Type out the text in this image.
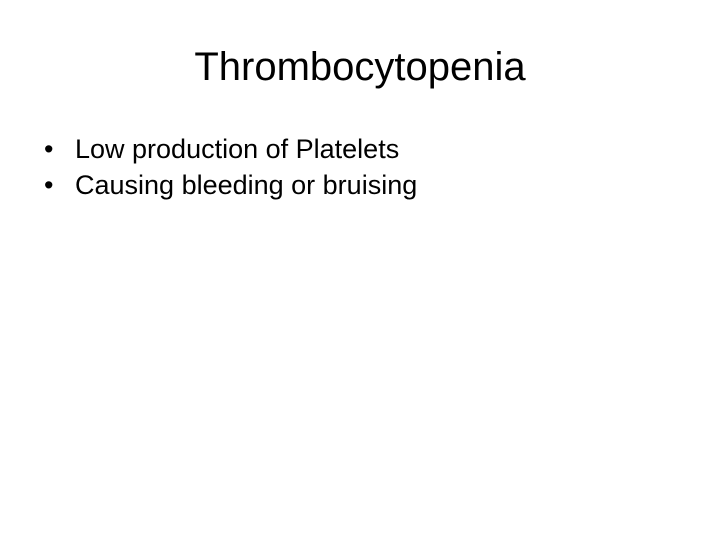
Thrombocytopenia
• Low production of Platelets
• Causing bleeding or bruising
